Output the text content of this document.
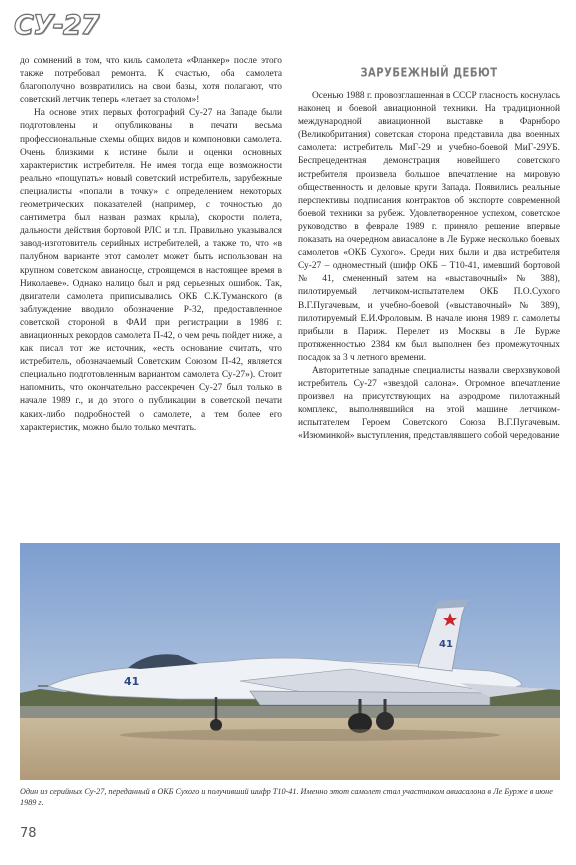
СУ-27

до сомнений в том, что киль самолета «Фланкер» после этого также потребовал ремонта. К счастью, оба самолета благополучно возвратились на свои базы, хотя полагают, что советский летчик теперь «летает за столом»!

На основе этих первых фотографий Су-27 на Западе были подготовлены и опубликованы в печати весьма профессиональные схемы общих видов и компоновки самолета. Очень близкими к истине были и оценки основных характеристик истребителя. Не имея тогда еще возможности реально «пощупать» новый советский истребитель, зарубежные специалисты «попали в точку» с определением некоторых геометрических показателей (например, с точностью до сантиметра был назван размах крыла), скорости полета, дальности действия бортовой РЛС и т.п. Правильно указывался завод-изготовитель серийных истребителей, а также то, что «в палубном варианте этот самолет может быть использован на крупном советском авианосце, строящемся в настоящее время в Николаеве». Однако налицо был и ряд серьезных ошибок. Так, двигатели самолета приписывались ОКБ С.К.Туманского (в заблуждение вводило обозначение Р-32, предоставленное советской стороной в ФАИ при регистрации в 1986 г. авиационных рекордов самолета П-42, о чем речь пойдет ниже, а как писал тот же источник, «есть основание считать, что истребитель, обозначаемый Советским Союзом П-42, является специально подготовленным вариантом самолета Су-27»). Стоит напомнить, что окончательно рассекречен Су-27 был только в начале 1989 г., и до этого о публикации в советской печати каких-либо подробностей о самолете, а тем более его характеристик, можно было только мечтать.

ЗАРУБЕЖНЫЙ ДЕБЮТ

Осенью 1988 г. провозглашенная в СССР гласность коснулась наконец и боевой авиационной техники. На традиционной международной авиационной выставке в Фарнборо (Великобритания) советская сторона представила два военных самолета: истребитель МиГ-29 и учебно-боевой МиГ-29УБ. Беспрецедентная демонстрация новейшего советского истребителя произвела большое впечатление на мировую общественность и деловые круги Запада. Появились реальные перспективы подписания контрактов об экспорте современной боевой техники за рубеж. Удовлетворенное успехом, советское руководство в феврале 1989 г. приняло решение впервые показать на очередном авиасалоне в Ле Бурже несколько боевых самолетов «ОКБ Сухого». Среди них были и два истребителя Су-27 – одноместный (шифр ОКБ – Т10-41, имевший бортовой № 41, смененный затем на «выставочный» № 388), пилотируемый летчиком-испытателем ОКБ П.О.Сухого В.Г.Пугачевым, и учебно-боевой («выставочный» № 389), пилотируемый Е.И.Фроловым. В начале июня 1989 г. самолеты прибыли в Париж. Перелет из Москвы в Ле Бурже протяженностью 2384 км был выполнен без промежуточных посадок за 3 ч летного времени.

Авторитетные западные специалисты назвали сверхзвуковой истребитель Су-27 «звездой салона». Огромное впечатление произвел на присутствующих на аэродроме пилотажный комплекс, выполнявшийся на этой машине летчиком-испытателем Героем Советского Союза В.Г.Пугачевым. «Изюминкой» выступления, представлявшего собой чередование

41
41
Один из серийных Су-27, переданный в ОКБ Сухого и получивший шифр Т10-41. Именно этот самолет стал участником авиасалона в Ле Бурже в июне 1989 г.
78
